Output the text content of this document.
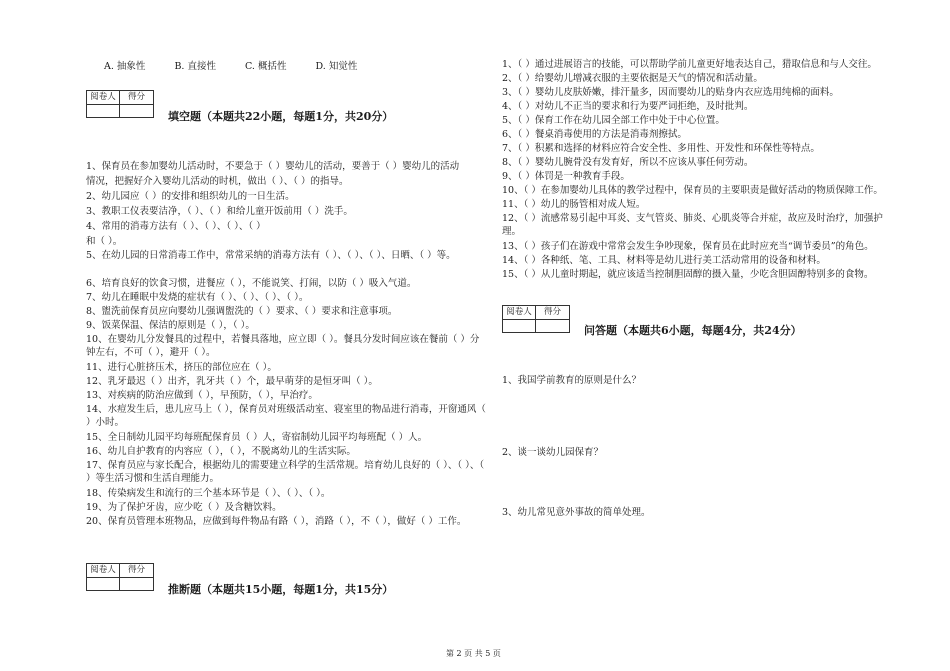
A. 抽象性	B. 直接性	C. 概括性	D. 知觉性
阅卷人	得分
填空题（本题共22小题，每题1分，共20分）
1、保育员在参加婴幼儿活动时，不要急于（ ）婴幼儿的活动，要善于（ ）婴幼儿的活动
情况，把握好介入婴幼儿活动的时机，做出（ ）、（ ）的指导。
2、幼儿园应（ ）的安排和组织幼儿的一日生活。
3、教职工仪表要洁净，（ ）、（ ）和给儿童开饭前用（ ）洗手。
4、常用的消毒方法有（ ）、（ ）、（ ）、（ ）
和（ ）。
5、在幼儿园的日常消毒工作中，常常采纳的消毒方法有（ ）、（ ）、（ ）、日晒、（ ）等。
6、培育良好的饮食习惯，进餐应（ ），不能说笑、打闹，以防（ ）吸入气道。
7、幼儿在睡眠中发烧的症状有（ ）、（ ）、（ ）、（ ）。
8、盥洗前保育员应向婴幼儿强调盥洗的（ ）要求、（ ）要求和注意事项。
9、饭菜保温、保洁的原则是（ ），（ ）。
10、在婴幼儿分发餐具的过程中，若餐具落地，应立即（ ）。餐具分发时间应该在餐前（ ）分钟左右，不可（ ），避开（ ）。
11、进行心脏挤压术，挤压的部位应在（ ）。
12、乳牙最迟（ ）出齐，乳牙共（ ）个，最早萌芽的是恒牙叫（ ）。
13、对疾病的防治应做到（ ），早预防，（ ），早治疗。
14、水痘发生后，患儿应马上（ ），保育员对班级活动室、寝室里的物品进行消毒，开窗通风（ ）小时。
15、全日制幼儿园平均每班配保育员（ ）人，寄宿制幼儿园平均每班配（ ）人。
16、幼儿自护教育的内容应（ ），（ ），不脱离幼儿的生活实际。
17、保育员应与家长配合，根据幼儿的需要建立科学的生活常规。培育幼儿良好的（ ）、（ ）、（ ）等生活习惯和生活自理能力。
18、传染病发生和流行的三个基本环节是（ ）、（ ）、（ ）。
19、为了保护牙齿，应少吃（ ）及含糖饮料。
20、保育员管理本班物品，应做到每件物品有路（ ），消路（ ），不（ ），做好（ ）工作。
阅卷人	得分
推断题（本题共15小题，每题1分，共15分）
1、（ ）通过进展语言的技能，可以帮助学前儿童更好地表达自己，猎取信息和与人交往。
2、（ ）给婴幼儿增减衣服的主要依据是天气的情况和活动量。
3、（ ）婴幼儿皮肤娇嫩，排汗量多，因而婴幼儿的贴身内衣应选用纯棉的面料。
4、（ ）对幼儿不正当的要求和行为要严词拒绝，及时批判。
5、（ ）保育工作在幼儿园全部工作中处于中心位置。
6、（ ）餐桌消毒使用的方法是消毒剂擦拭。
7、（ ）积累和选择的材料应符合安全性、多用性、开发性和环保性等特点。
8、（ ）婴幼儿腕骨没有发育好，所以不应该从事任何劳动。
9、（ ）体罚是一种教育手段。
10、（ ）在参加婴幼儿具体的教学过程中，保育员的主要职责是做好活动的物质保障工作。
11、（ ）幼儿的肠管相对成人短。
12、（ ）流感常易引起中耳炎、支气管炎、肺炎、心肌炎等合并症，故应及时治疗，加强护理。
13、（ ）孩子们在游戏中常常会发生争吵现象，保育员在此时应充当“调节委员”的角色。
14、（ ）各种纸、笔、工具、材料等是幼儿进行美工活动常用的设备和材料。
15、（ ）从儿童时期起，就应该适当控制胆固醇的摄入量，少吃含胆固醇特别多的食物。
阅卷人	得分
问答题（本题共6小题，每题4分，共24分）
1、我国学前教育的原则是什么？
2、谈一谈幼儿园保育？
3、幼儿常见意外事故的简单处理。
第 2 页 共 5 页
